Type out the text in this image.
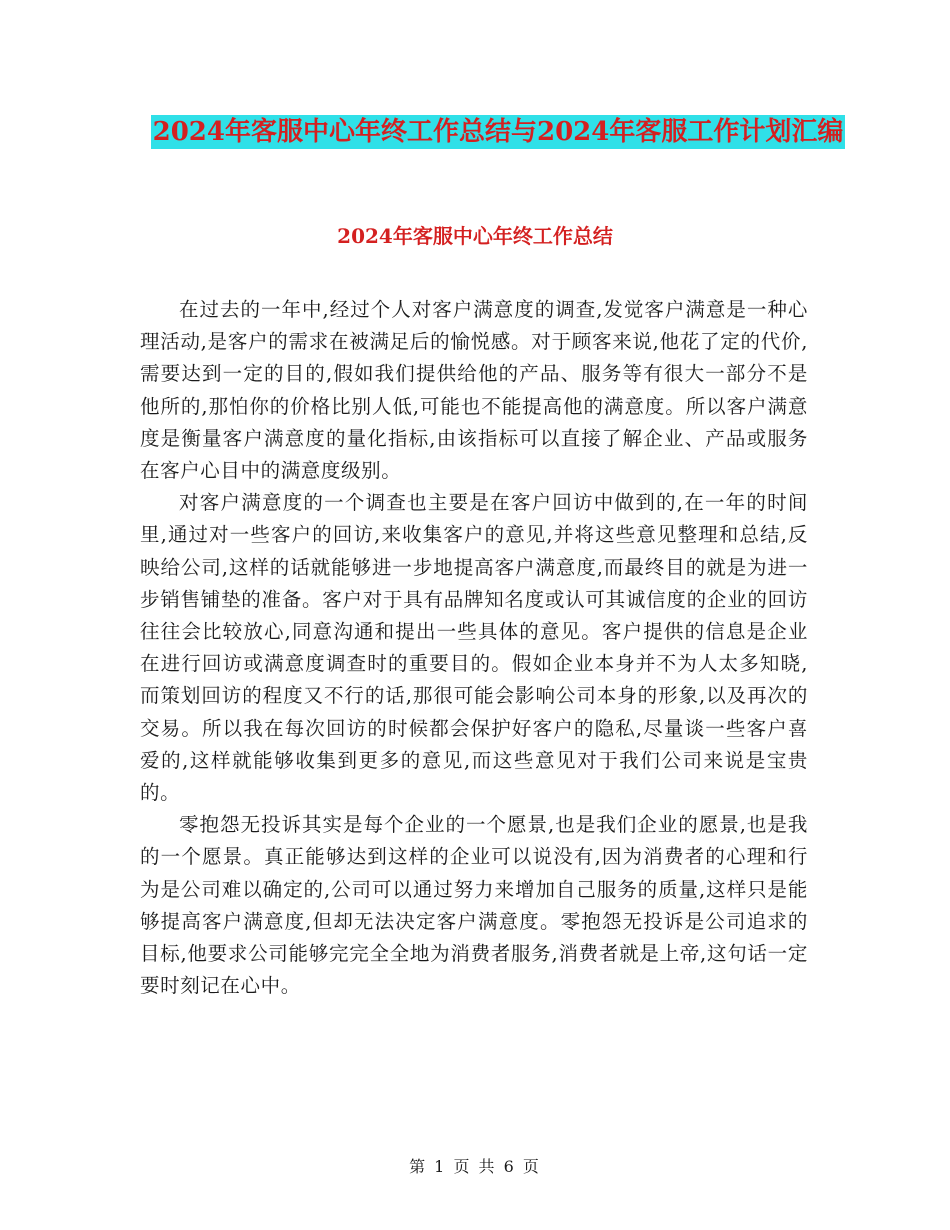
2024年客服中心年终工作总结与2024年客服工作计划汇编
2024年客服中心年终工作总结

在过去的一年中,经过个人对客户满意度的调查,发觉客户满意是一种心理活动,是客户的需求在被满足后的愉悦感。对于顾客来说,他花了定的代价,需要达到一定的目的,假如我们提供给他的产品、服务等有很大一部分不是他所的,那怕你的价格比别人低,可能也不能提高他的满意度。所以客户满意度是衡量客户满意度的量化指标,由该指标可以直接了解企业、产品或服务在客户心目中的满意度级别。

对客户满意度的一个调查也主要是在客户回访中做到的,在一年的时间里,通过对一些客户的回访,来收集客户的意见,并将这些意见整理和总结,反映给公司,这样的话就能够进一步地提高客户满意度,而最终目的就是为进一步销售铺垫的准备。客户对于具有品牌知名度或认可其诚信度的企业的回访往往会比较放心,同意沟通和提出一些具体的意见。客户提供的信息是企业在进行回访或满意度调查时的重要目的。假如企业本身并不为人太多知晓,而策划回访的程度又不行的话,那很可能会影响公司本身的形象,以及再次的交易。所以我在每次回访的时候都会保护好客户的隐私,尽量谈一些客户喜爱的,这样就能够收集到更多的意见,而这些意见对于我们公司来说是宝贵的。

零抱怨无投诉其实是每个企业的一个愿景,也是我们企业的愿景,也是我的一个愿景。真正能够达到这样的企业可以说没有,因为消费者的心理和行为是公司难以确定的,公司可以通过努力来增加自己服务的质量,这样只是能够提高客户满意度,但却无法决定客户满意度。零抱怨无投诉是公司追求的目标,他要求公司能够完完全全地为消费者服务,消费者就是上帝,这句话一定要时刻记在心中。

第 1 页 共 6 页
